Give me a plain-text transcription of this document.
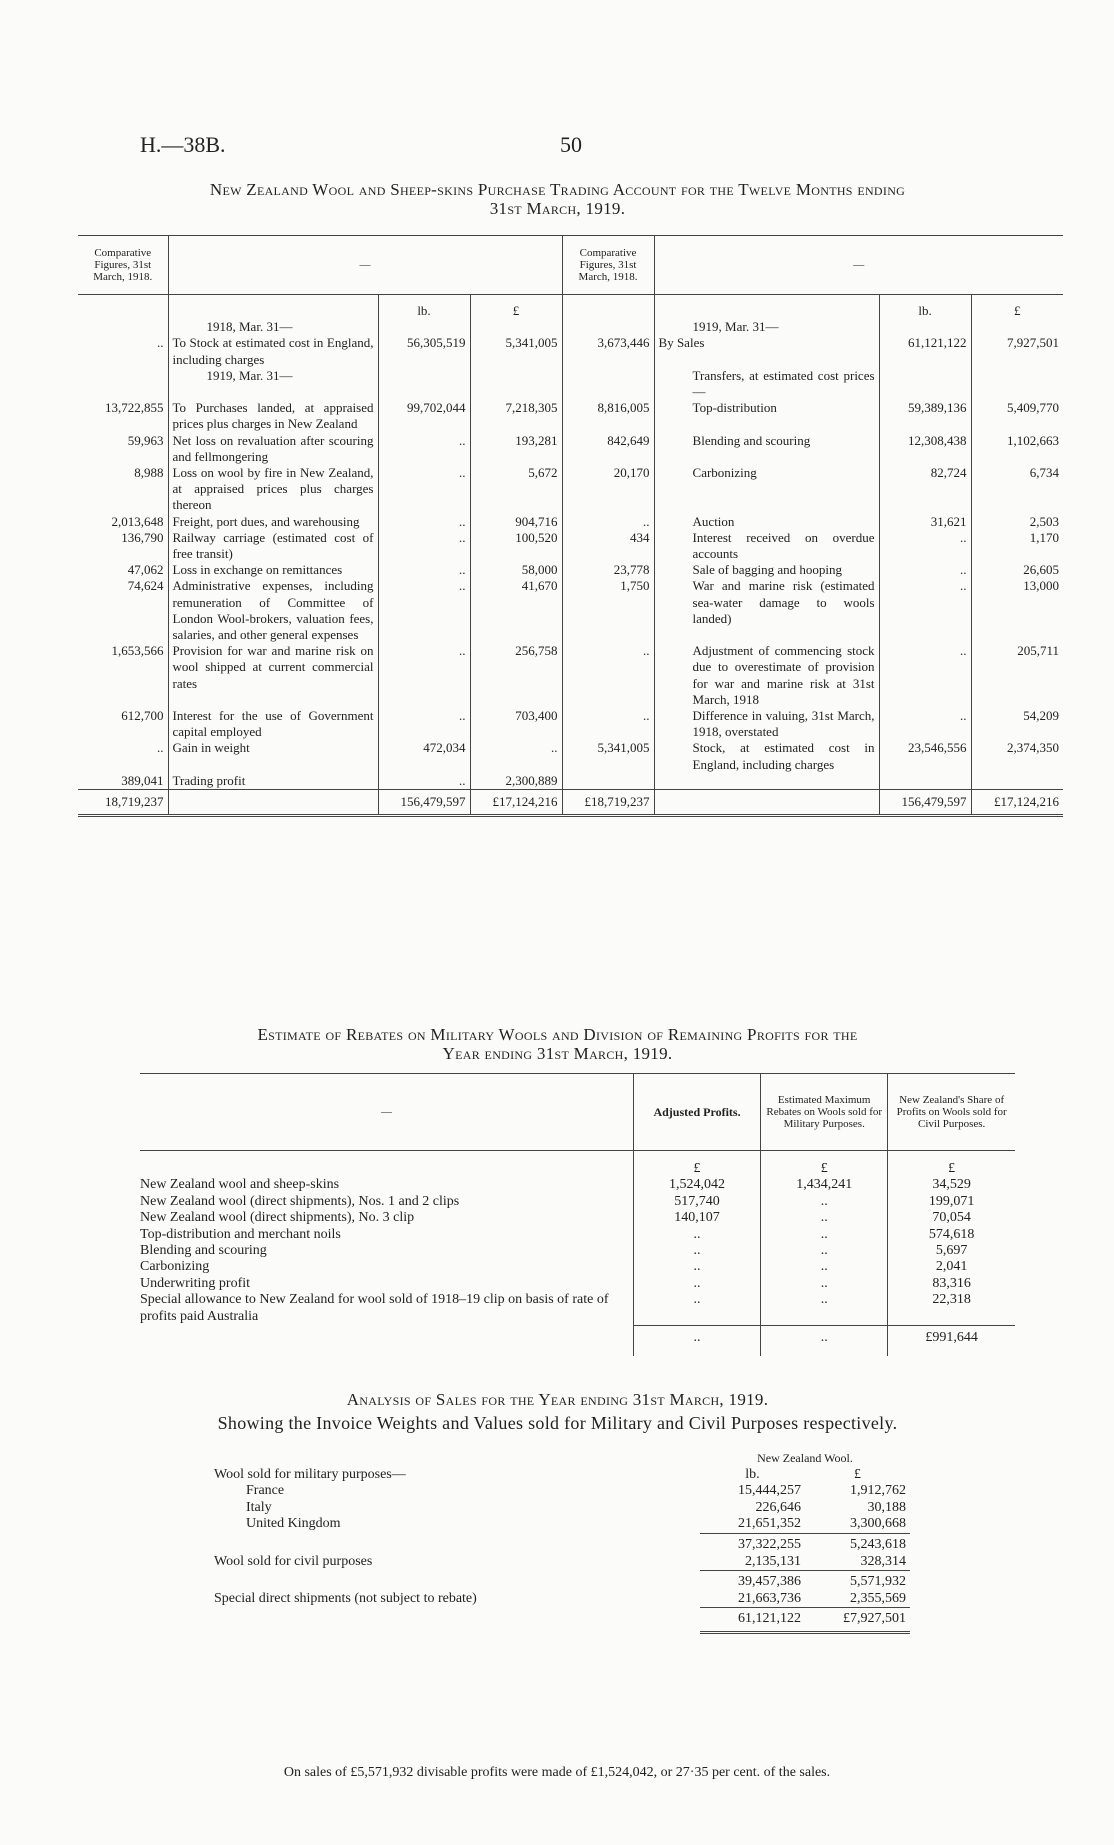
H.—38B.	50
New Zealand Wool and Sheep-skins Purchase Trading Account for the Twelve Months ending
31st March, 1919.
Comparative Figures, 31st March, 1918.	—			Comparative Figures, 31st March, 1918.	—		

		lb.	£			lb.	£
	1918, Mar. 31—				1919, Mar. 31—		
..	To Stock at estimated cost in England, including charges	56,305,519	5,341,005	3,673,446	By Sales	61,121,122	7,927,501
	1919, Mar. 31—				Transfers, at estimated cost prices—		
13,722,855	To Purchases landed, at appraised prices plus charges in New Zealand	99,702,044	7,218,305	8,816,005	Top-distribution	59,389,136	5,409,770
59,963	Net loss on revaluation after scouring and fellmongering	..	193,281	842,649	Blending and scouring	12,308,438	1,102,663
8,988	Loss on wool by fire in New Zealand, at appraised prices plus charges thereon	..	5,672	20,170	Carbonizing	82,724	6,734
2,013,648	Freight, port dues, and warehousing	..	904,716	..	Auction	31,621	2,503
136,790	Railway carriage (estimated cost of free transit)	..	100,520	434	Interest received on overdue accounts	..	1,170
47,062	Loss in exchange on remittances	..	58,000	23,778	Sale of bagging and hooping	..	26,605
74,624	Administrative expenses, including remuneration of Committee of London Wool-brokers, valuation fees, salaries, and other general expenses	..	41,670	1,750	War and marine risk (estimated sea-water damage to wools landed)	..	13,000
1,653,566	Provision for war and marine risk on wool shipped at current commercial rates	..	256,758	..	Adjustment of commencing stock due to overestimate of provision for war and marine risk at 31st March, 1918	..	205,711
612,700	Interest for the use of Government capital employed	..	703,400	..	Difference in valuing, 31st March, 1918, overstated	..	54,209
..	Gain in weight	472,034	..	5,341,005	Stock, at estimated cost in England, including charges	23,546,556	2,374,350
389,041	Trading profit	..	2,300,889				
18,719,237		156,479,597	£17,124,216	£18,719,237		156,479,597	£17,124,216
Estimate of Rebates on Military Wools and Division of Remaining Profits for the
Year ending 31st March, 1919.
—	Adjusted Profits.	Estimated Maximum Rebates on Wools sold for Military Purposes.	New Zealand's Share of Profits on Wools sold for Civil Purposes.

	£	£	£
New Zealand wool and sheep-skins	1,524,042	1,434,241	34,529
New Zealand wool (direct shipments), Nos. 1 and 2 clips	517,740	..	199,071
New Zealand wool (direct shipments), No. 3 clip	140,107	..	70,054
Top-distribution and merchant noils	..	..	574,618
Blending and scouring	..	..	5,697
Carbonizing	..	..	2,041
Underwriting profit	..	..	83,316
Special allowance to New Zealand for wool sold of 1918–19 clip on basis of rate of profits paid Australia	..	..	22,318
	..	..	£991,644
Analysis of Sales for the Year ending 31st March, 1919.
Showing the Invoice Weights and Values sold for Military and Civil Purposes respectively.
	New Zealand Wool.	
Wool sold for military purposes—	lb.	£
France	15,444,257	1,912,762
Italy	226,646	30,188
United Kingdom	21,651,352	3,300,668
	37,322,255	5,243,618
Wool sold for civil purposes	2,135,131	328,314
	39,457,386	5,571,932
Special direct shipments (not subject to rebate)	21,663,736	2,355,569
	61,121,122	£7,927,501
On sales of £5,571,932 divisable profits were made of £1,524,042, or 27·35 per cent. of the sales.
